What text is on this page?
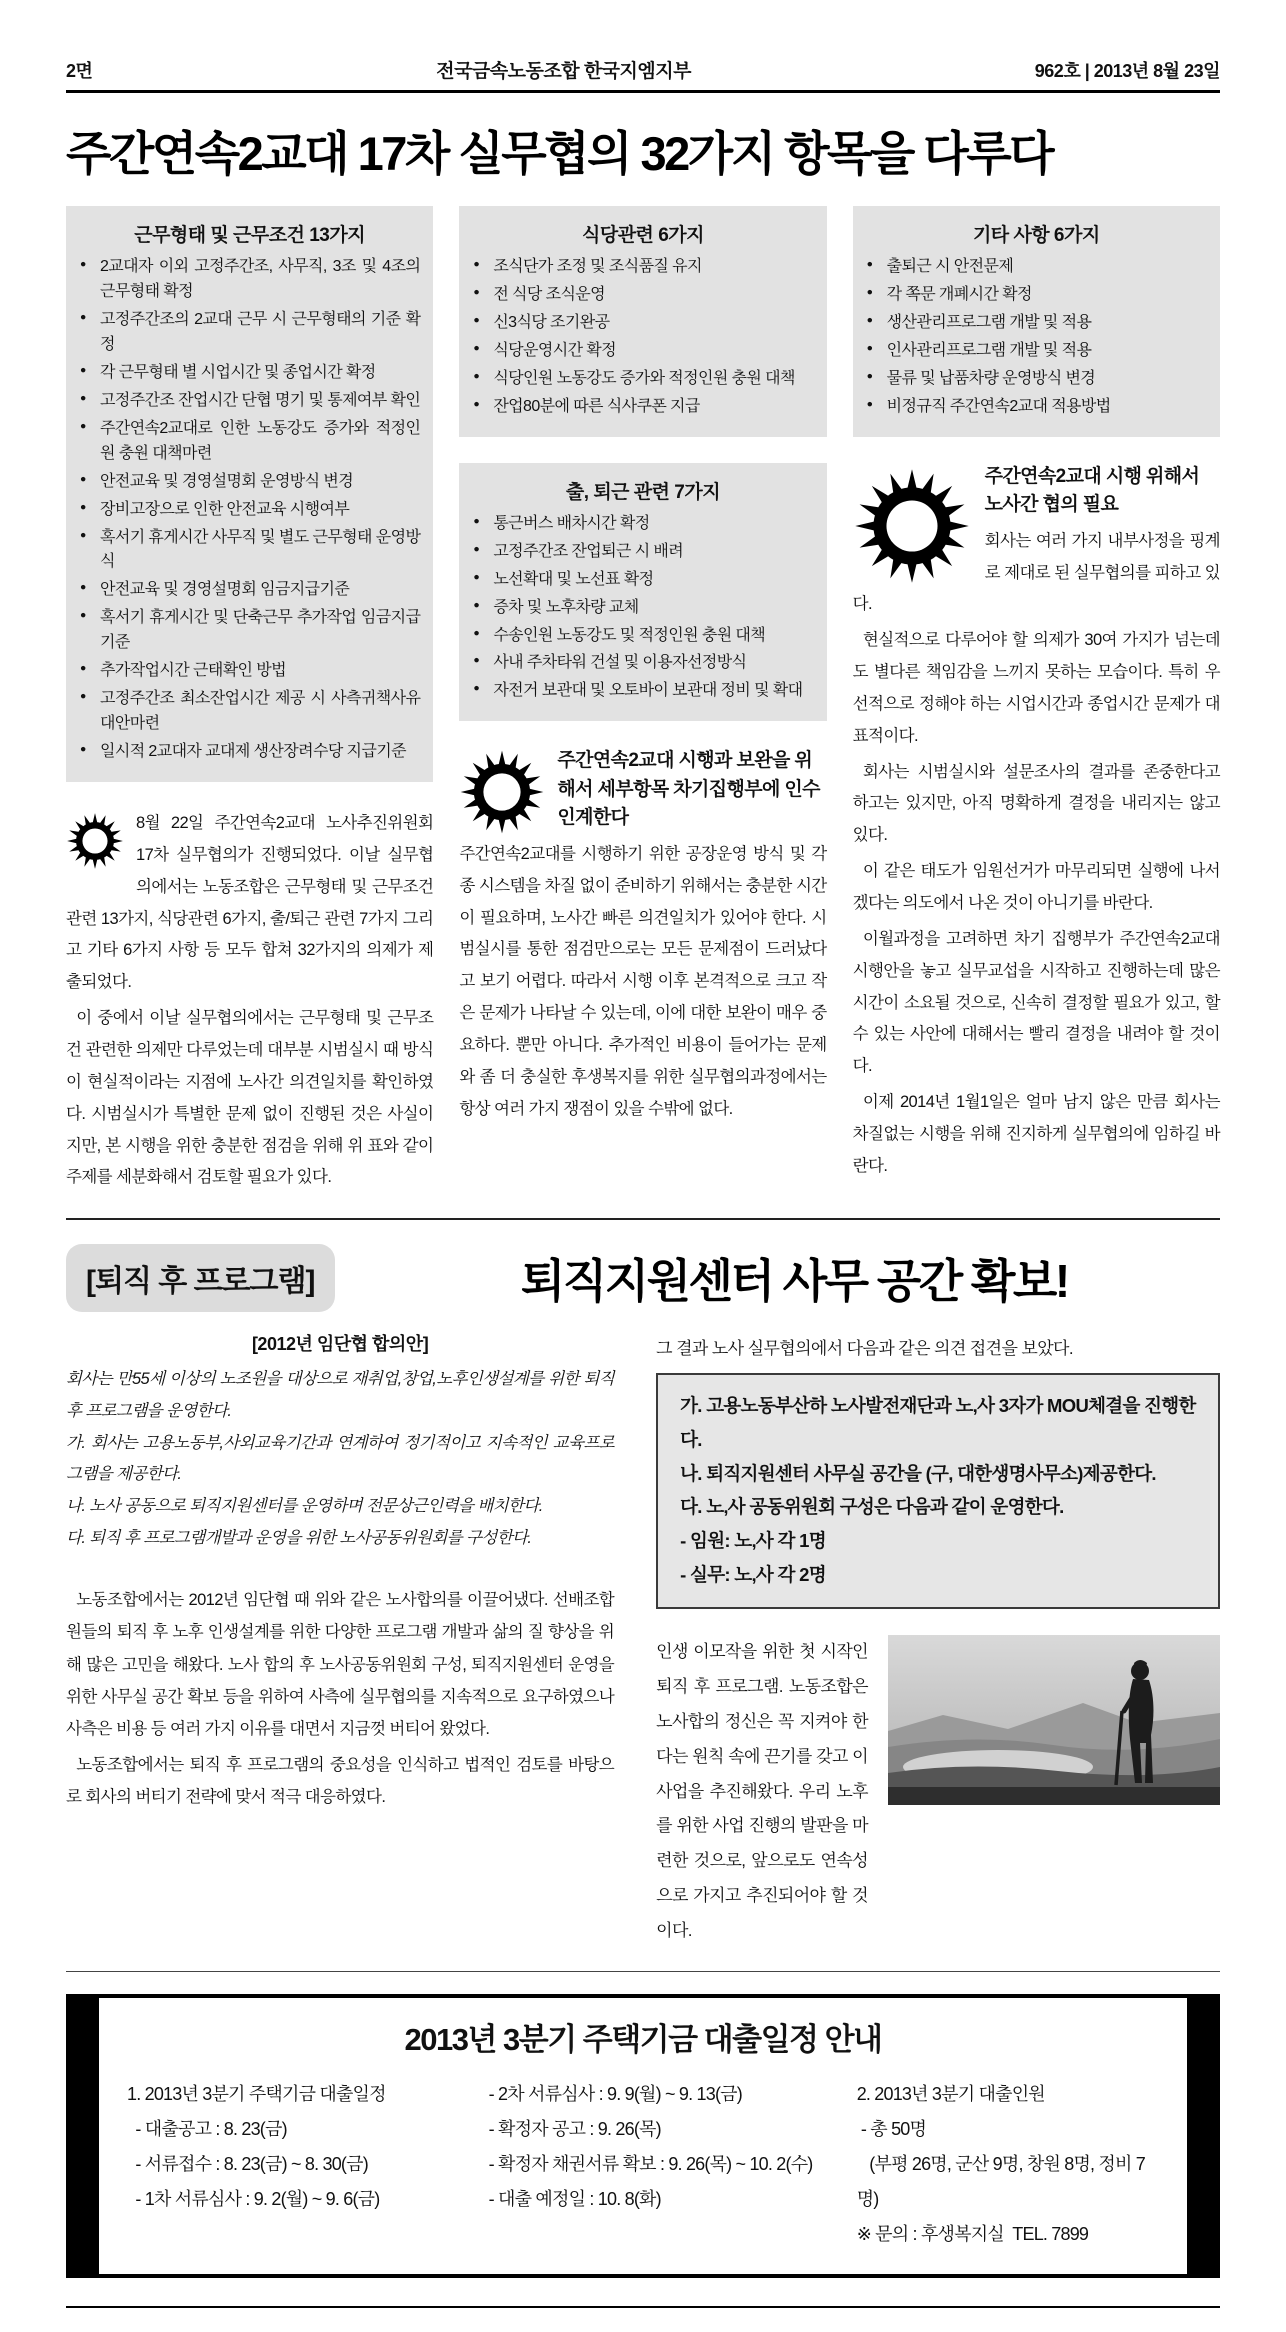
2면	전국금속노동조합 한국지엠지부	962호 | 2013년 8월 23일
주간연속2교대 17차 실무협의 32가지 항목을 다루다
근무형태 및 근무조건 13가지
● 2교대자 이외 고정주간조, 사무직, 3조 및 4조의 근무형태 확정
● 고정주간조의 2교대 근무 시 근무형태의 기준 확정
● 각 근무형태 별 시업시간 및 종업시간 확정
● 고정주간조 잔업시간 단협 명기 및 통제여부 확인
● 주간연속2교대로 인한 노동강도 증가와 적정인원 충원 대책마련
● 안전교육 및 경영설명회 운영방식 변경
● 장비고장으로 인한 안전교육 시행여부
● 혹서기 휴게시간 사무직 및 별도 근무형태 운영방식
● 안전교육 및 경영설명회 임금지급기준
● 혹서기 휴게시간 및 단축근무 추가작업 임금지급기준
● 추가작업시간 근태확인 방법
● 고정주간조 최소잔업시간 제공 시 사측귀책사유 대안마련
● 일시적 2교대자 교대제 생산장려수당 지급기준

8월 22일 주간연속2교대 노사추진위원회 17차 실무협의가 진행되었다. 이날 실무협의에서는 노동조합은 근무형태 및 근무조건 관련 13가지, 식당관련 6가지, 출/퇴근 관련 7가지 그리고 기타 6가지 사항 등 모두 합쳐 32가지의 의제가 제출되었다.

이 중에서 이날 실무협의에서는 근무형태 및 근무조건 관련한 의제만 다루었는데 대부분 시범실시 때 방식이 현실적이라는 지점에 노사간 의견일치를 확인하였다. 시범실시가 특별한 문제 없이 진행된 것은 사실이지만, 본 시행을 위한 충분한 점검을 위해 위 표와 같이 주제를 세분화해서 검토할 필요가 있다.

식당관련 6가지
● 조식단가 조정 및 조식품질 유지
● 전 식당 조식운영
● 신3식당 조기완공
● 식당운영시간 확정
● 식당인원 노동강도 증가와 적정인원 충원 대책
● 잔업80분에 따른 식사쿠폰 지급
출, 퇴근 관련 7가지
● 통근버스 배차시간 확정
● 고정주간조 잔업퇴근 시 배려
● 노선확대 및 노선표 확정
● 증차 및 노후차량 교체
● 수송인원 노동강도 및 적정인원 충원 대책
● 사내 주차타워 건설 및 이용자선정방식
● 자전거 보관대 및 오토바이 보관대 정비 및 확대
주간연속2교대 시행과 보완을 위해서 세부항목 차기집행부에 인수인계한다

주간연속2교대를 시행하기 위한 공장운영 방식 및 각종 시스템을 차질 없이 준비하기 위해서는 충분한 시간이 필요하며, 노사간 빠른 의견일치가 있어야 한다. 시범실시를 통한 점검만으로는 모든 문제점이 드러났다고 보기 어렵다. 따라서 시행 이후 본격적으로 크고 작은 문제가 나타날 수 있는데, 이에 대한 보완이 매우 중요하다. 뿐만 아니다. 추가적인 비용이 들어가는 문제와 좀 더 충실한 후생복지를 위한 실무협의과정에서는 항상 여러 가지 쟁점이 있을 수밖에 없다.

기타 사항 6가지
● 출퇴근 시 안전문제
● 각 쪽문 개폐시간 확정
● 생산관리프로그램 개발 및 적용
● 인사관리프로그램 개발 및 적용
● 물류 및 납품차량 운영방식 변경
● 비정규직 주간연속2교대 적용방법
주간연속2교대 시행 위해서 노사간 협의 필요

회사는 여러 가지 내부사정을 핑계로 제대로 된 실무협의를 피하고 있다.

현실적으로 다루어야 할 의제가 30여 가지가 넘는데도 별다른 책임감을 느끼지 못하는 모습이다. 특히 우선적으로 정해야 하는 시업시간과 종업시간 문제가 대표적이다.

회사는 시범실시와 설문조사의 결과를 존중한다고 하고는 있지만, 아직 명확하게 결정을 내리지는 않고 있다.

이 같은 태도가 임원선거가 마무리되면 실행에 나서겠다는 의도에서 나온 것이 아니기를 바란다.

이월과정을 고려하면 차기 집행부가 주간연속2교대 시행안을 놓고 실무교섭을 시작하고 진행하는데 많은 시간이 소요될 것으로, 신속히 결정할 필요가 있고, 할 수 있는 사안에 대해서는 빨리 결정을 내려야 할 것이다.

이제 2014년 1월1일은 얼마 남지 않은 만큼 회사는 차질없는 시행을 위해 진지하게 실무협의에 임하길 바란다.

[퇴직 후 프로그램]	퇴직지원센터 사무 공간 확보!
[2012년 임단협 합의안]

회사는 만55세 이상의 노조원을 대상으로 재취업,창업,노후인생설계를 위한 퇴직 후 프로그램을 운영한다.

가. 회사는 고용노동부,사외교육기간과 연계하여 정기적이고 지속적인 교육프로그램을 제공한다.

나. 노사 공동으로 퇴직지원센터를 운영하며 전문상근인력을 배치한다.

다. 퇴직 후 프로그램개발과 운영을 위한 노사공동위원회를 구성한다.

노동조합에서는 2012년 임단협 때 위와 같은 노사합의를 이끌어냈다. 선배조합원들의 퇴직 후 노후 인생설계를 위한 다양한 프로그램 개발과 삶의 질 향상을 위해 많은 고민을 해왔다. 노사 합의 후 노사공동위원회 구성, 퇴직지원센터 운영을 위한 사무실 공간 확보 등을 위하여 사측에 실무협의를 지속적으로 요구하였으나 사측은 비용 등 여러 가지 이유를 대면서 지금껏 버티어 왔었다.

노동조합에서는 퇴직 후 프로그램의 중요성을 인식하고 법적인 검토를 바탕으로 회사의 버티기 전략에 맞서 적극 대응하였다.

그 결과 노사 실무협의에서 다음과 같은 의견 접견을 보았다.

가. 고용노동부산하 노사발전재단과 노,사 3자가 MOU체결을 진행한다.
나. 퇴직지원센터 사무실 공간을 (구, 대한생명사무소)제공한다.
다. 노,사 공동위원회 구성은 다음과 같이 운영한다.
- 임원: 노,사 각 1명
- 실무: 노,사 각 2명

인생 이모작을 위한 첫 시작인 퇴직 후 프로그램. 노동조합은 노사합의 정신은 꼭 지켜야 한다는 원칙 속에 끈기를 갖고 이 사업을 추진해왔다. 우리 노후를 위한 사업 진행의 발판을 마련한 것으로, 앞으로도 연속성으로 가지고 추진되어야 할 것이다.

2013년 3분기 주택기금 대출일정 안내
1. 2013년 3분기 주택기금 대출일정
- 대출공고 : 8. 23(금)
- 서류접수 : 8. 23(금) ~ 8. 30(금)
- 1차 서류심사 : 9. 2(월) ~ 9. 6(금)
- 2차 서류심사 : 9. 9(월) ~ 9. 13(금)
- 확정자 공고 : 9. 26(목)
- 확정자 채권서류 확보 : 9. 26(목) ~ 10. 2(수)
- 대출 예정일 : 10. 8(화)
2. 2013년 3분기 대출인원
- 총 50명
(부평 26명, 군산 9명, 창원 8명, 정비 7명)
※ 문의 : 후생복지실  TEL. 7899
